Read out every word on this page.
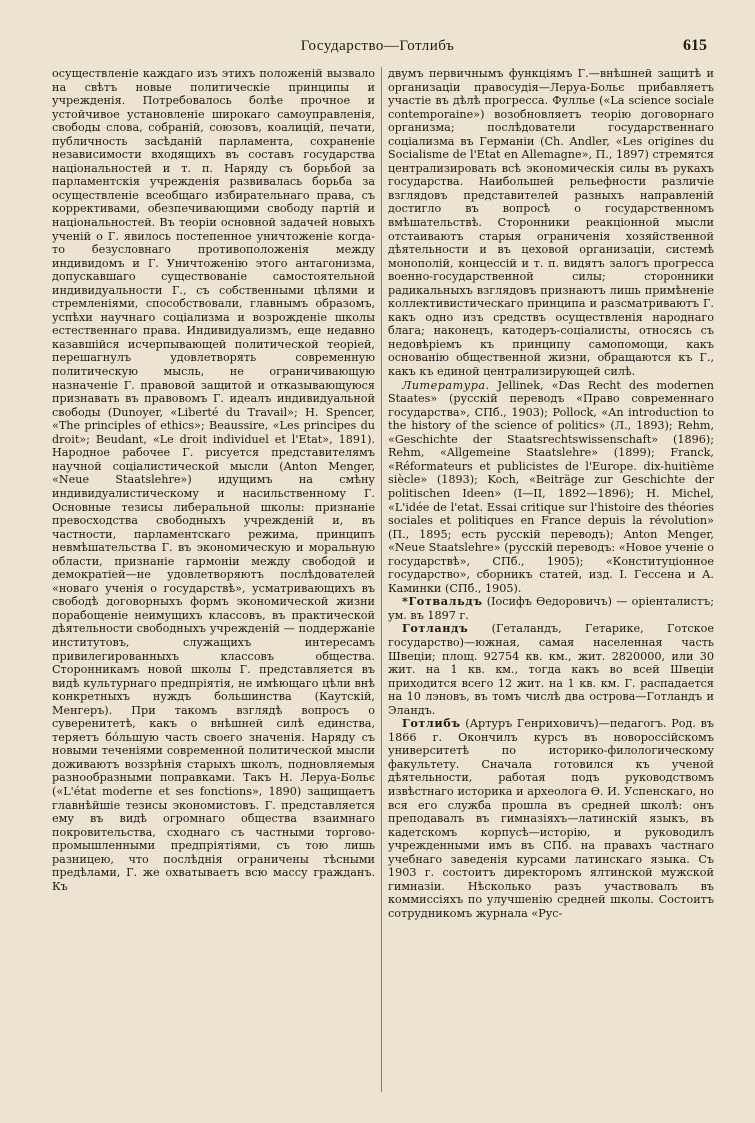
Государство—Готлибъ	615

осуществленіе каждаго изъ этихъ положеній вызвало на свѣтъ новые политическіе принципы и учрежденія. Потребовалось болѣе прочное и устойчивое установленіе широкаго самоуправленія, свободы слова, собраній, союзовъ, коалицій, печати, публичность засѣданій парламента, сохраненіе независимости входящихъ въ составъ государства національностей и т. п. Наряду съ борьбой за парламентскія учрежденія развивалась борьба за осуществленіе всеобщаго избирательнаго права, съ коррективами, обезпечивающими свободу партій и національностей. Въ теоріи основной задачей новыхъ ученій о Г. явилось постепенное уничтоженіе когда-то безусловнаго противоположенія между индивидомъ и Г. Уничтоженію этого антагонизма, допускавшаго существованіе самостоятельной индивидуальности Г., съ собственными цѣлями и стремленіями, способствовали, главнымъ образомъ, успѣхи научнаго соціализма и возрожденіе школы естественнаго права. Индивидуализмъ, еще недавно казавшійся исчерпывающей политической теоріей, перешагнулъ удовлетворять современную политическую мысль, не ограничивающую назначеніе Г. правовой защитой и отказывающуюся признавать въ правовомъ Г. идеалъ индивидуальной свободы (Dunoyer, «Liberté du Travail»; H. Spencer, «The principles of ethics»; Beaussire, «Les principes du droit»; Beudant, «Le droit individuel et l'Etat», 1891). Народное рабочее Г. рисуется представителямъ научной соціалистической мысли (Anton Menger, «Neue Staatslehre») идущимъ на смѣну индивидуалистическому и насильственному Г. Основные тезисы либеральной школы: признаніе превосходства свободныхъ учрежденій и, въ частности, парламентскаго режима, принципъ невмѣшательства Г. въ экономическую и моральную области, признаніе гармоніи между свободой и демократіей—не удовлетворяютъ послѣдователей «новаго ученія о государствѣ», усматривающихъ въ свободѣ договорныхъ формъ экономической жизни порабощеніе неимущихъ классовъ, въ практической дѣятельности свободныхъ учрежденій — поддержаніе институтовъ, служащихъ интересамъ привилегированныхъ классовъ общества. Сторонникамъ новой школы Г. представляется въ видѣ культурнаго предпріятія, не имѣющаго цѣли внѣ конкретныхъ нуждъ большинства (Каутскій, Менгеръ). При такомъ взглядѣ вопросъ о суверенитетѣ, какъ о внѣшней силѣ единства, теряетъ бóльшую часть своего значенія. Наряду съ новыми теченіями современной политической мысли доживаютъ воззрѣнія старыхъ школъ, подновляемыя разнообразными поправками. Такъ Н. Леруа-Больє («L'état moderne et ses fonctions», 1890) защищаетъ главнѣйшіе тезисы экономистовъ. Г. представляется ему въ видѣ огромнаго общества взаимнаго покровительства, сходнаго съ частными торгово-промышленными предпріятіями, съ тою лишь разницею, что послѣднія ограничены тѣсными предѣлами, Г. же охватываетъ всю массу гражданъ. Къ

двумъ первичнымъ функціямъ Г.—внѣшней защитѣ и организаціи правосудія—Леруа-Больє прибавляетъ участіе въ дѣлѣ прогресса. Фуллье («La science sociale contemporaine») возобновляетъ теорію договорнаго организма; послѣдователи государственнаго соціализма въ Германіи (Ch. Andler, «Les origines du Socialisme de l'Etat en Allemagne», П., 1897) стремятся централизировать всѣ экономическія силы въ рукахъ государства. Наибольшей рельефности различіе взглядовъ представителей разныхъ направленій достигло въ вопросѣ о государственномъ вмѣшательствѣ. Сторонники реакціонной мысли отстаиваютъ старыя ограниченія хозяйственной дѣятельности и въ цеховой организаціи, системѣ монополій, концессій и т. п. видятъ залогъ прогресса военно-государственной силы; сторонники радикальныхъ взглядовъ признаютъ лишь примѣненіе коллективистическаго принципа и разсматриваютъ Г. какъ одно изъ средствъ осуществленія народнаго блага; наконецъ, катодеръ-соціалисты, относясь съ недовѣріемъ къ принципу самопомощи, какъ основанію общественной жизни, обращаются къ Г., какъ къ единой централизирующей силѣ.

Литература. Jellinek, «Das Recht des modernen Staates» (русскій переводъ «Право современнаго государства», СПб., 1903); Pollock, «An introduction to the history of the science of politics» (Л., 1893); Rehm, «Geschichte der Staatsrechtswissenschaft» (1896); Rehm, «Allgemeine Staatslehre» (1899); Franck, «Réformateurs et publicistes de l'Europe. dix-huitième siècle» (1893); Koch, «Beiträge zur Geschichte der politischen Ideen» (I—II, 1892—1896); H. Michel, «L'idée de l'etat. Essai critique sur l'histoire des théories sociales et politiques en France depuis la révolution» (П., 1895; есть русскій переводъ); Anton Menger, «Neue Staatslehre» (русскій переводъ: «Новое ученіе о государствѣ», СПб., 1905); «Конституціонное государство», сборникъ статей, изд. І. Гессена и А. Каминки (СПб., 1905).

*Готвальдъ (Іосифъ Өедоровичъ) — оріенталистъ; ум. въ 1897 г.

Готландъ (Геталандъ, Гетарике, Готское государство)—южная, самая населенная часть Швеціи; площ. 92754 кв. км., жит. 2820000, или 30 жит. на 1 кв. км., тогда какъ во всей Швеціи приходится всего 12 жит. на 1 кв. км. Г. распадается на 10 лэновъ, въ томъ числѣ два острова—Готландъ и Эландъ.

Готлибъ (Артуръ Генриховичъ)—педагогъ. Род. въ 1866 г. Окончилъ курсъ въ новороссійскомъ университетѣ по историко-филологическому факультету. Сначала готовился къ ученой дѣятельности, работая подъ руководствомъ извѣстнаго историка и археолога Ѳ. И. Успенскаго, но вся его служба прошла въ средней школѣ: онъ преподавалъ въ гимназіяхъ—латинскій языкъ, въ кадетскомъ корпусѣ—исторію, и руководилъ учрежденными имъ въ СПб. на правахъ частнаго учебнаго заведенія курсами латинскаго языка. Съ 1903 г. состоитъ директоромъ ялтинской мужской гимназіи. Нѣсколько разъ участвовалъ въ коммиссіяхъ по улучшенію средней школы. Состоитъ сотрудникомъ журнала «Рус-
